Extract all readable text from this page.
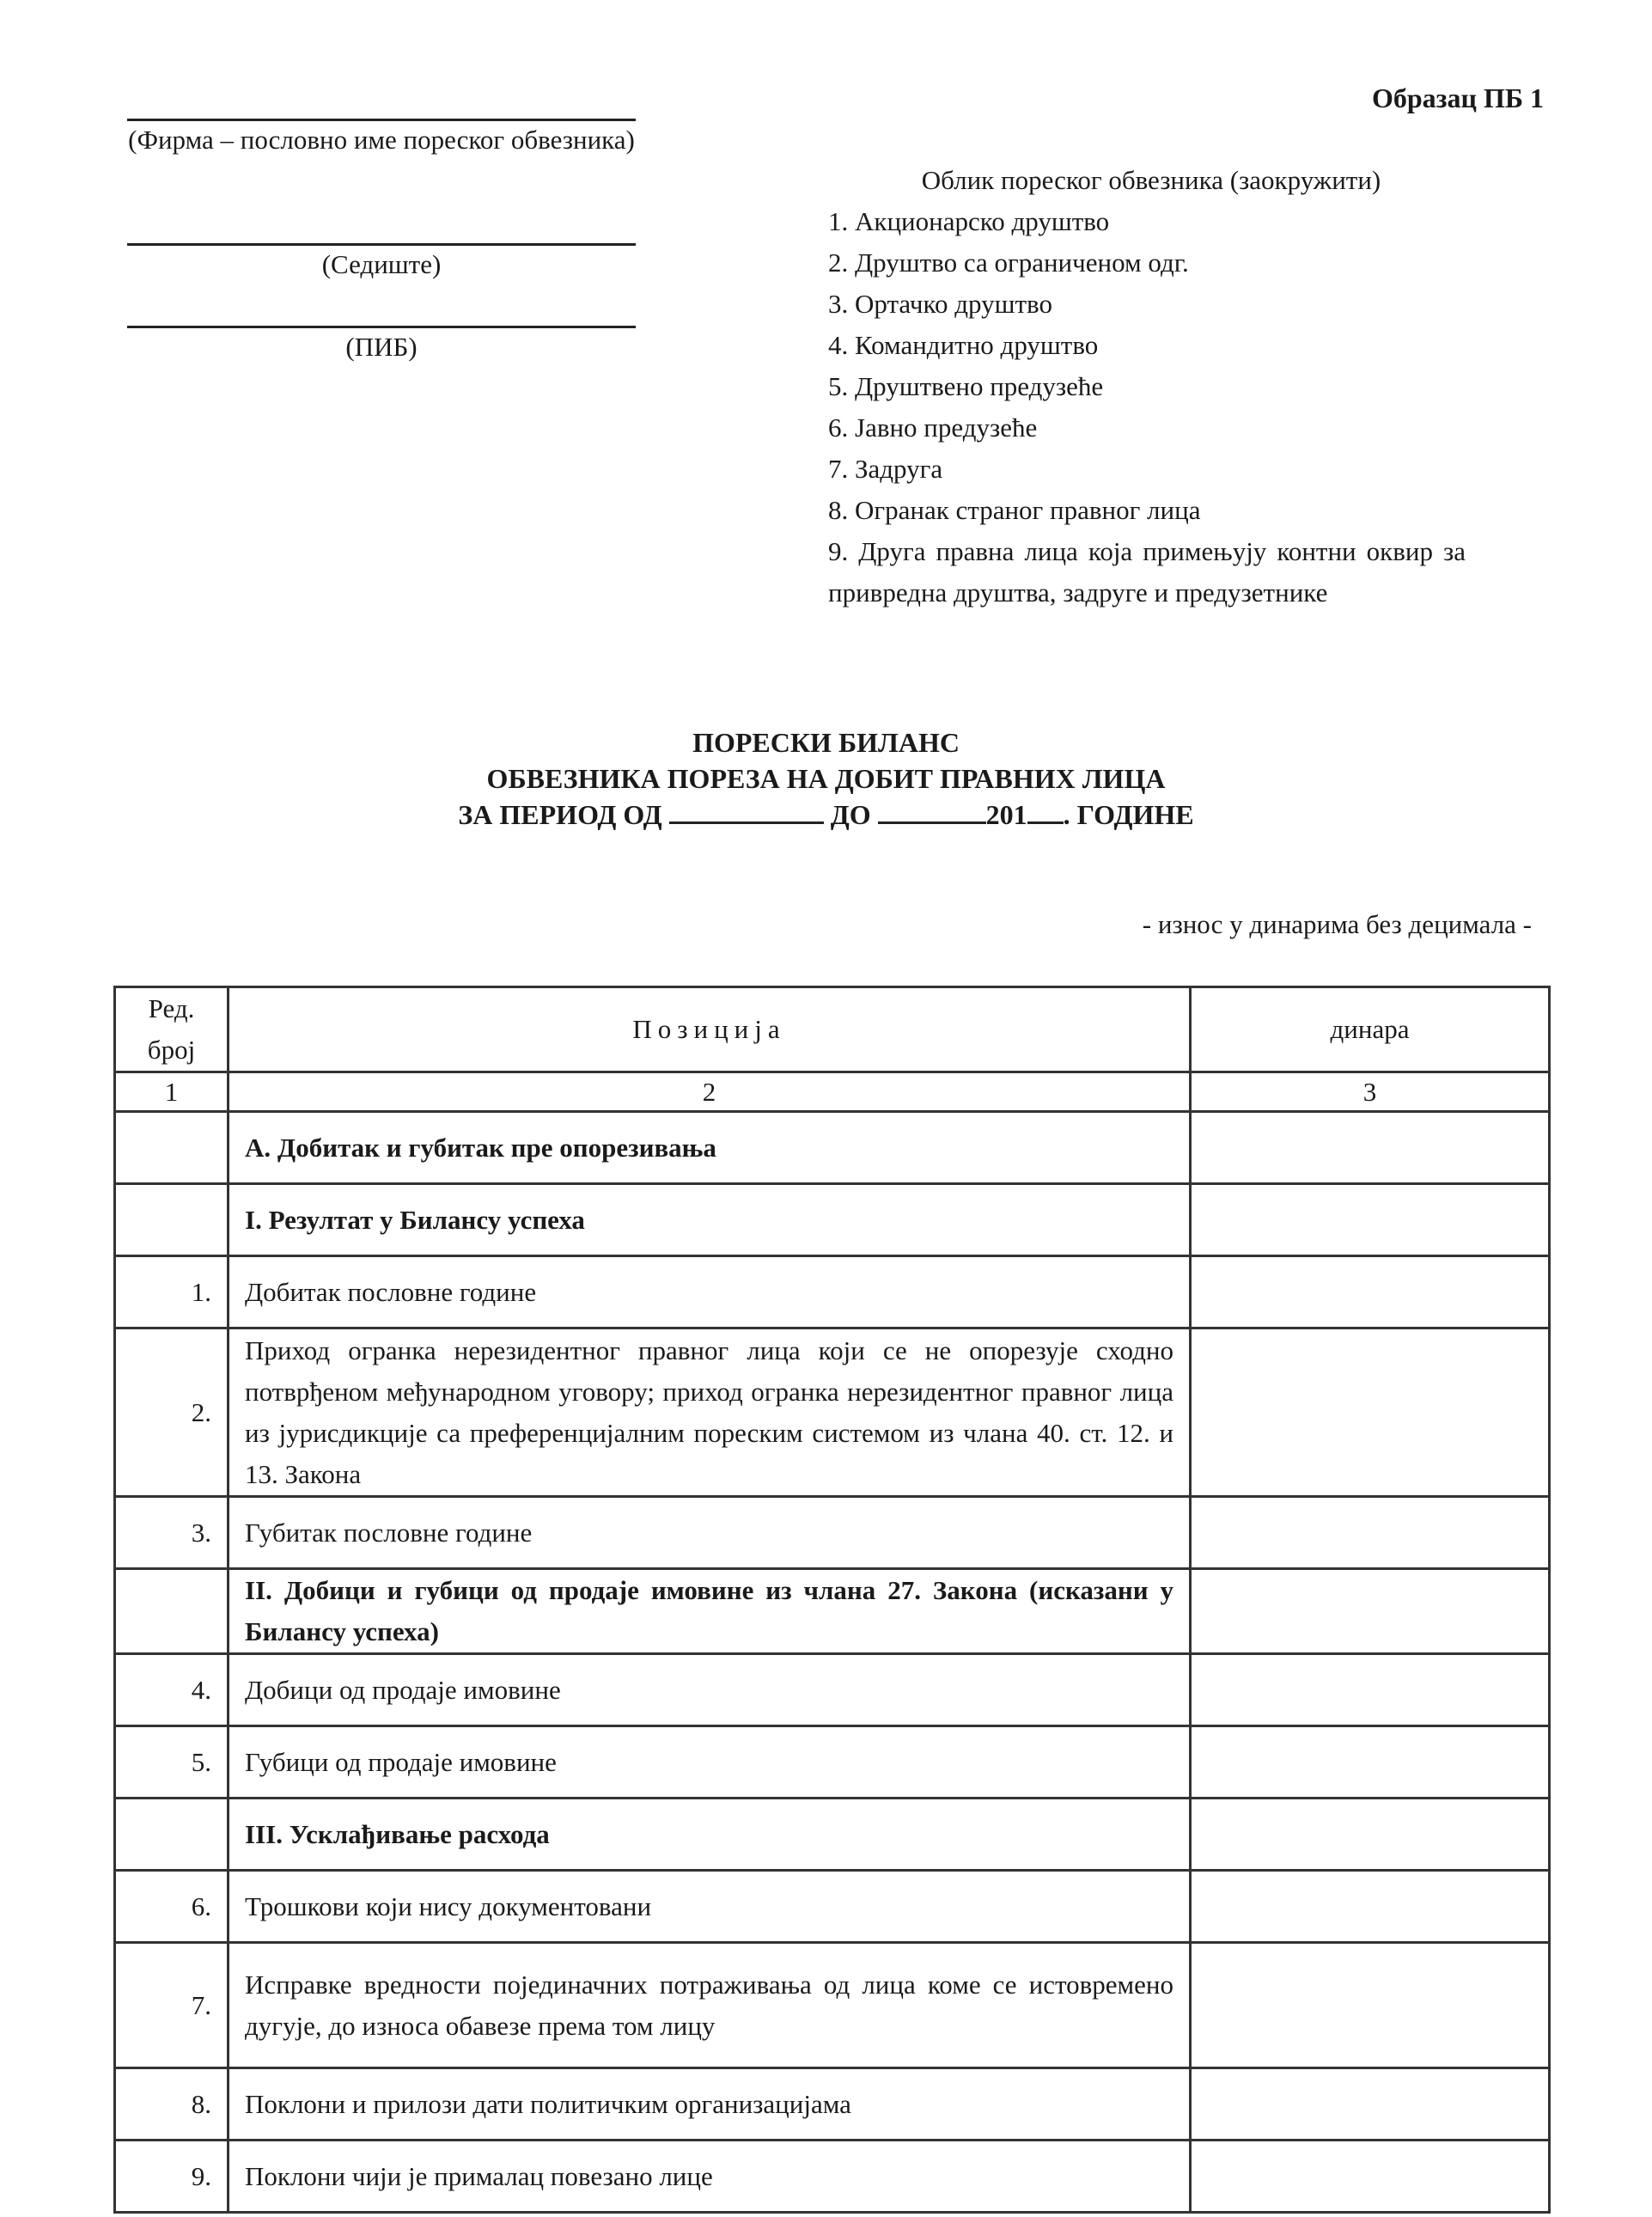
Образац ПБ 1
(Фирма – пословно име пореског обвезника)
(Седиште)
(ПИБ)
Облик пореског обвезника (заокружити)
1. Акционарско друштво
2. Друштво са ограниченом одг.
3. Ортачко друштво
4. Командитно друштво
5. Друштвено предузеће
6. Јавно предузеће
7. Задруга
8. Огранак страног правног лица
9. Друга правна лица која примењују контни оквир за привредна друштва, задруге и предузетнике
ПОРЕСКИ БИЛАНС
ОБВЕЗНИКА ПОРЕЗА НА ДОБИТ ПРАВНИХ ЛИЦА
ЗА ПЕРИОД ОД	ДО	201 . ГОДИНЕ
- износ у динарима без децимала -
Ред. број	Позиција	динара
1	2	3
	А. Добитак и губитак пре опорезивања	
	I. Резултат у Билансу успеха	
1.	Добитак пословне године	
2.	Приход огранка нерезидентног правног лица који се не опорезује сходно потврђеном међународном уговору; приход огранка нерезидентног правног лица из јурисдикције са преференцијалним пореским системом из члана 40. ст. 12. и 13. Закона	
3.	Губитак пословне године	
	II. Добици и губици од продаје имовине из члана 27. Закона (исказани у Билансу успеха)	
4.	Добици од продаје имовине	
5.	Губици од продаје имовине	
	III. Усклађивање расхода	
6.	Трошкови који нису документовани	
7.	Исправке вредности појединачних потраживања од лица коме се истовремено дугује, до износа обавезе према том лицу	
8.	Поклони и прилози дати политичким организацијама	
9.	Поклони чији је прималац повезано лице	
